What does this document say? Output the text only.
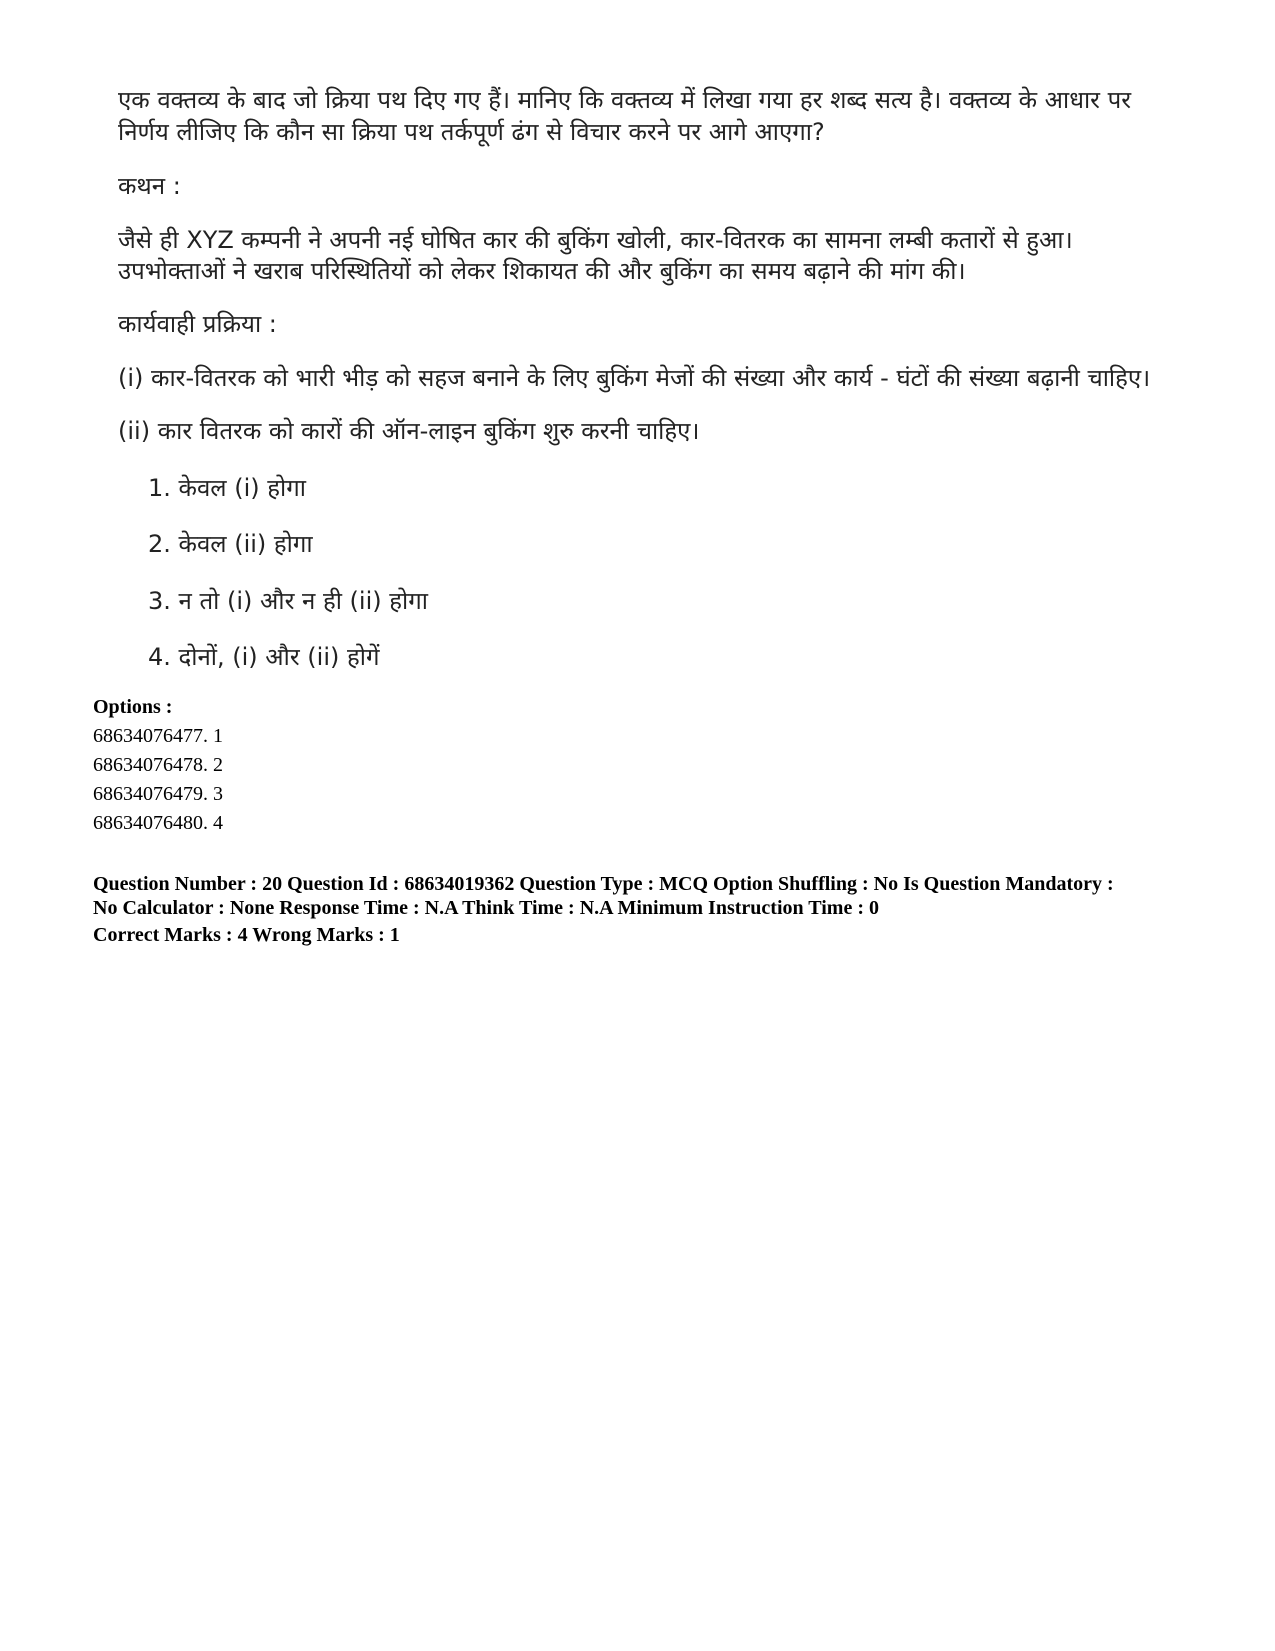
एक वक्तव्य के बाद जो क्रिया पथ दिए गए हैं। मानिए कि वक्तव्य में लिखा गया हर शब्द सत्य है। वक्तव्य के आधार पर
निर्णय लीजिए कि कौन सा क्रिया पथ तर्कपूर्ण ढंग से विचार करने पर आगे आएगा?
कथन :
जैसे ही XYZ कम्पनी ने अपनी नई घोषित कार की बुकिंग खोली, कार-वितरक का सामना लम्बी कतारों से हुआ।
उपभोक्ताओं ने खराब परिस्थितियों को लेकर शिकायत की और बुकिंग का समय बढ़ाने की मांग की।
कार्यवाही प्रक्रिया :
(i) कार-वितरक को भारी भीड़ को सहज बनाने के लिए बुकिंग मेजों की संख्या और कार्य - घंटों की संख्या बढ़ानी चाहिए।
(ii) कार वितरक को कारों की ऑन-लाइन बुकिंग शुरु करनी चाहिए।
1. केवल (i) होगा
2. केवल (ii) होगा
3. न तो (i) और न ही (ii) होगा
4. दोनों, (i) और (ii) होगें
Options :
68634076477. 1
68634076478. 2
68634076479. 3
68634076480. 4
Question Number : 20 Question Id : 68634019362 Question Type : MCQ Option Shuffling : No Is Question Mandatory :
No Calculator : None Response Time : N.A Think Time : N.A Minimum Instruction Time : 0
Correct Marks : 4 Wrong Marks : 1
